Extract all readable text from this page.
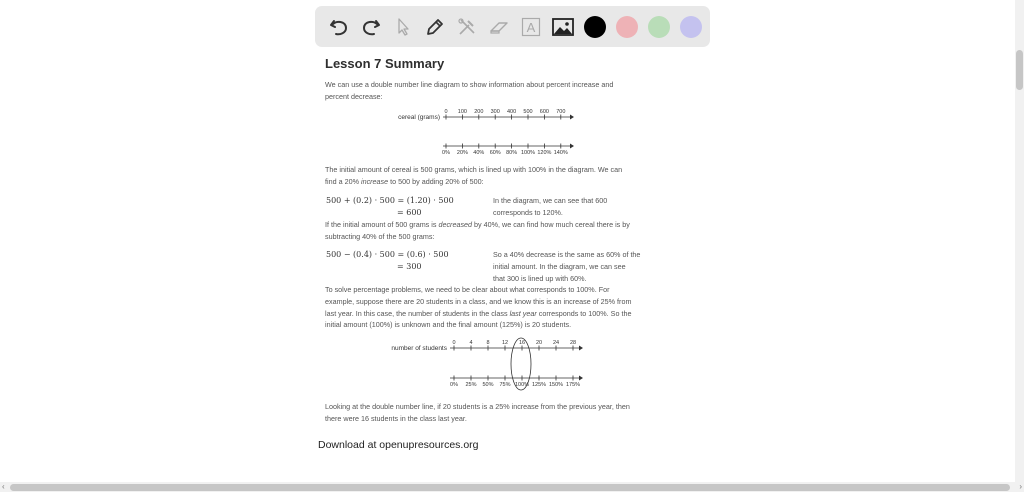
A
Lesson 7 Summary
We can use a double number line diagram to show information about percent increase and
percent decrease:
cereal (grams)
0 100 200 300 400 500 600 700
0% 20% 40% 60% 80% 100% 120% 140%
The initial amount of cereal is 500 grams, which is lined up with 100% in the diagram. We can
find a 20% increase to 500 by adding 20% of 500:
500 + (0.2) · 500 = (1.20) · 500
= 600
In the diagram, we can see that 600
corresponds to 120%.
If the initial amount of 500 grams is decreased by 40%, we can find how much cereal there is by
subtracting 40% of the 500 grams:
500 − (0.4) · 500 = (0.6) · 500
= 300
So a 40% decrease is the same as 60% of the
initial amount. In the diagram, we can see
that 300 is lined up with 60%.
To solve percentage problems, we need to be clear about what corresponds to 100%. For
example, suppose there are 20 students in a class, and we know this is an increase of 25% from
last year. In this case, the number of students in the class last year corresponds to 100%. So the
initial amount (100%) is unknown and the final amount (125%) is 20 students.
number of students
0	4	8 12 16 20 24 28
0% 25% 50% 75% 100% 125% 150% 175%
Looking at the double number line, if 20 students is a 25% increase from the previous year, then
there were 16 students in the class last year.
Download at openupresources.org
‹	›
